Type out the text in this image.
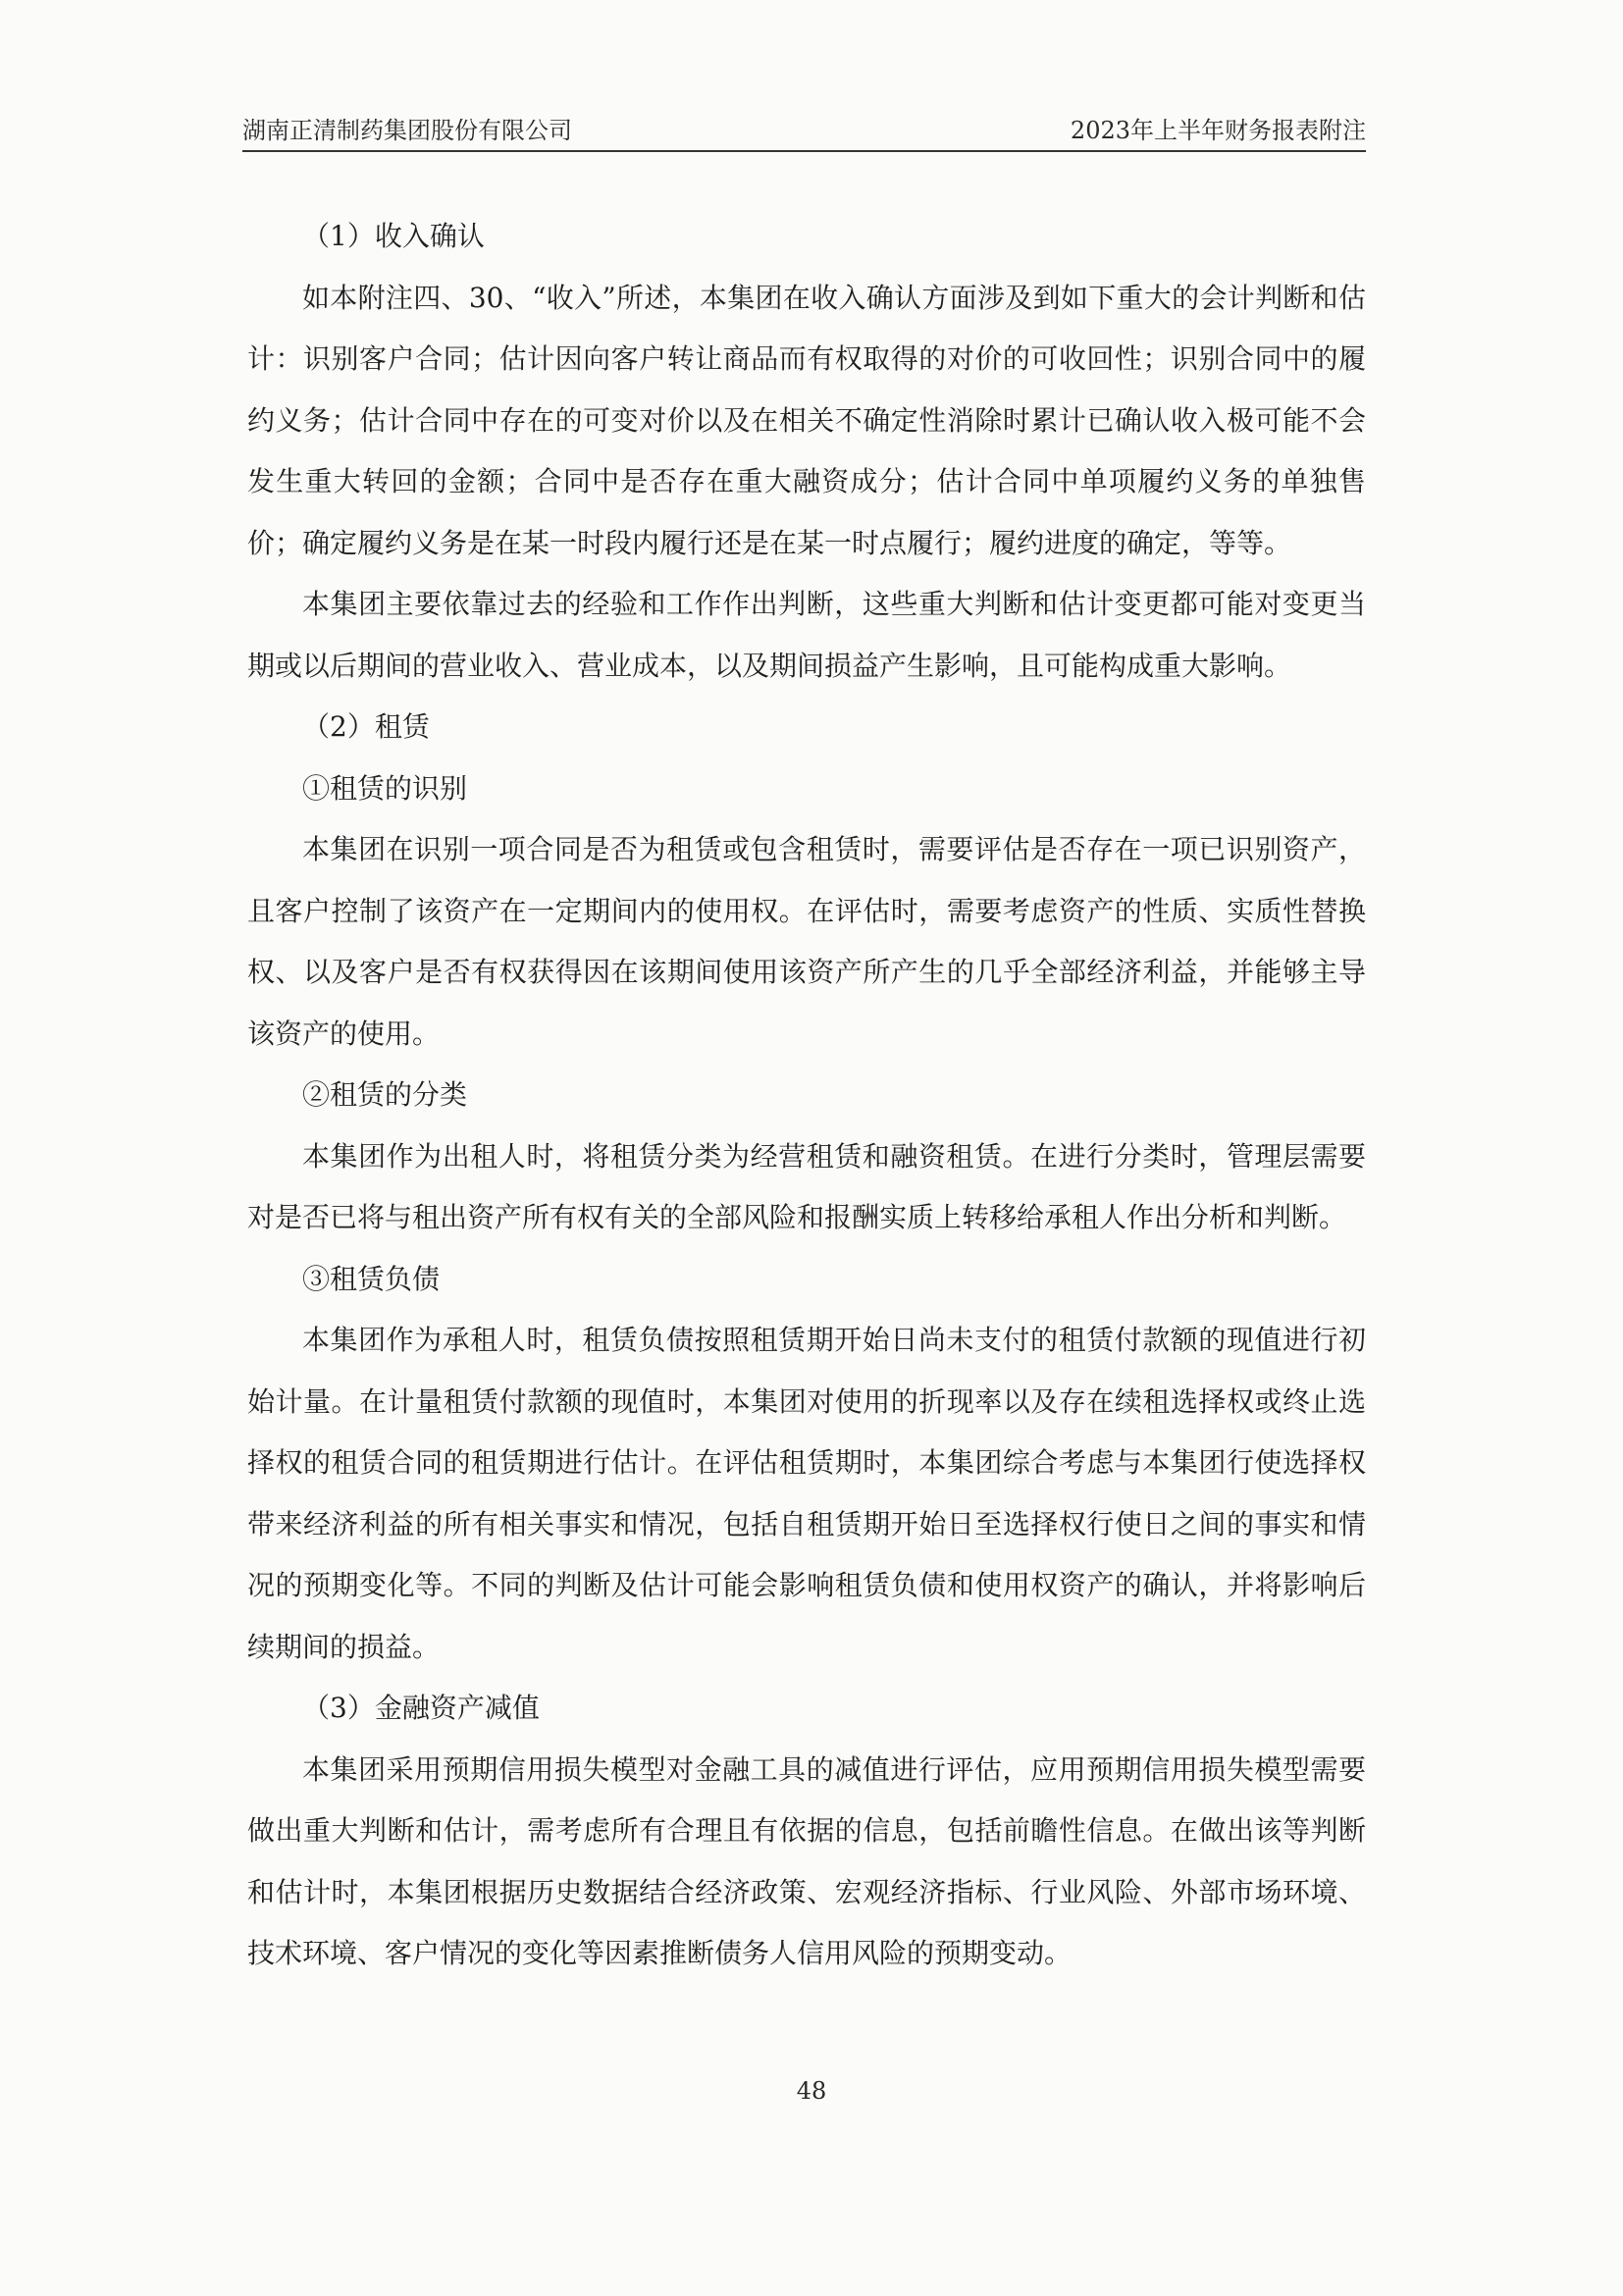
湖南正清制药集团股份有限公司	2023年上半年财务报表附注

（1）收入确认

如本附注四、30、“收入”所述，本集团在收入确认方面涉及到如下重大的会计判断和估计：识别客户合同；估计因向客户转让商品而有权取得的对价的可收回性；识别合同中的履约义务；估计合同中存在的可变对价以及在相关不确定性消除时累计已确认收入极可能不会发生重大转回的金额；合同中是否存在重大融资成分；估计合同中单项履约义务的单独售价；确定履约义务是在某一时段内履行还是在某一时点履行；履约进度的确定，等等。

本集团主要依靠过去的经验和工作作出判断，这些重大判断和估计变更都可能对变更当期或以后期间的营业收入、营业成本，以及期间损益产生影响，且可能构成重大影响。

（2）租赁

①租赁的识别

本集团在识别一项合同是否为租赁或包含租赁时，需要评估是否存在一项已识别资产，且客户控制了该资产在一定期间内的使用权。在评估时，需要考虑资产的性质、实质性替换权、以及客户是否有权获得因在该期间使用该资产所产生的几乎全部经济利益，并能够主导该资产的使用。

②租赁的分类

本集团作为出租人时，将租赁分类为经营租赁和融资租赁。在进行分类时，管理层需要对是否已将与租出资产所有权有关的全部风险和报酬实质上转移给承租人作出分析和判断。

③租赁负债

本集团作为承租人时，租赁负债按照租赁期开始日尚未支付的租赁付款额的现值进行初始计量。在计量租赁付款额的现值时，本集团对使用的折现率以及存在续租选择权或终止选择权的租赁合同的租赁期进行估计。在评估租赁期时，本集团综合考虑与本集团行使选择权带来经济利益的所有相关事实和情况，包括自租赁期开始日至选择权行使日之间的事实和情况的预期变化等。不同的判断及估计可能会影响租赁负债和使用权资产的确认，并将影响后续期间的损益。

（3）金融资产减值

本集团采用预期信用损失模型对金融工具的减值进行评估，应用预期信用损失模型需要做出重大判断和估计，需考虑所有合理且有依据的信息，包括前瞻性信息。在做出该等判断和估计时，本集团根据历史数据结合经济政策、宏观经济指标、行业风险、外部市场环境、技术环境、客户情况的变化等因素推断债务人信用风险的预期变动。

48
